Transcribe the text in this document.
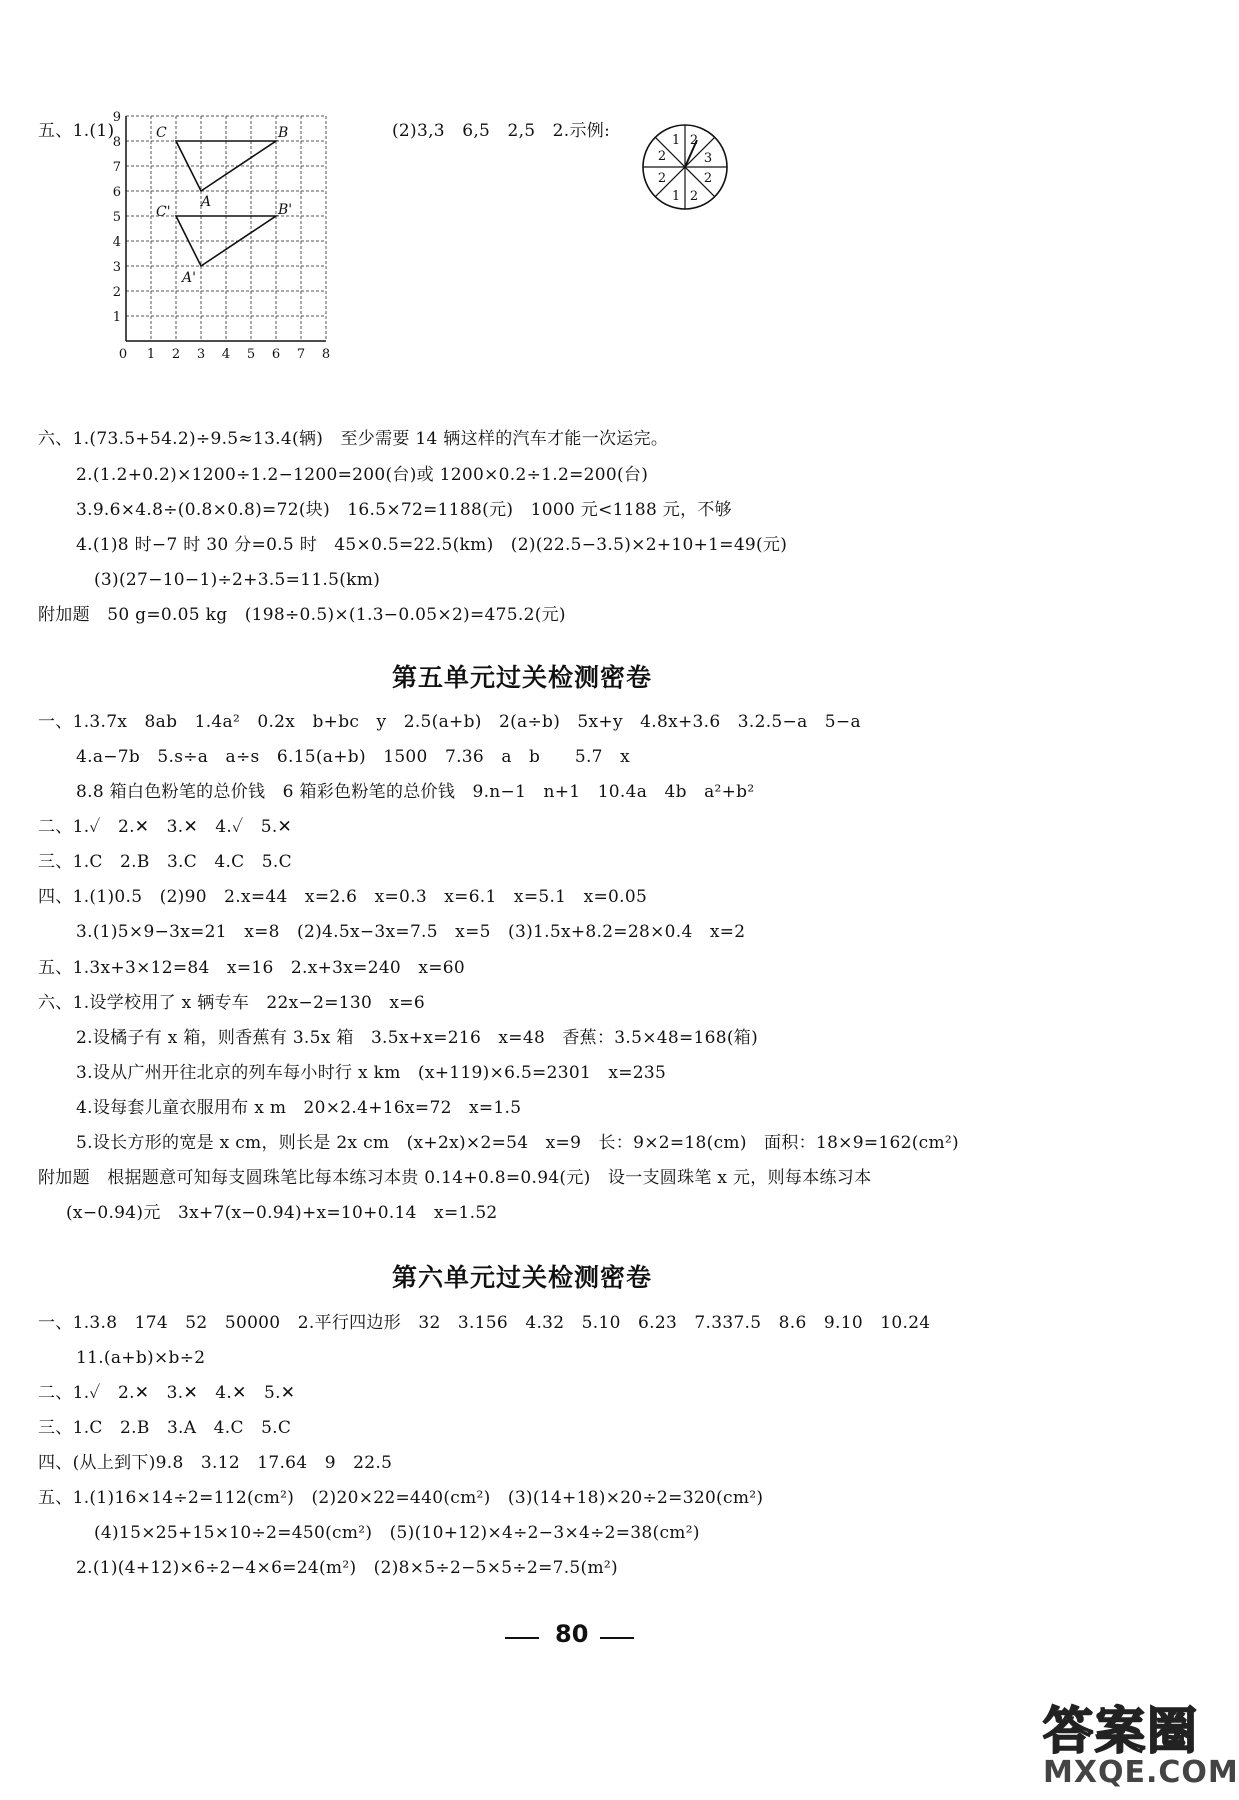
五、1.(1)
9
8
7
6
5
4
3
2
1
0 1 2 3 4 5 6 7 8
C	B
A
C'	B'
A'
(2)3,3　6,5　2,5　2.示例:	1 2
2	3
2	2
1 2
六、1.(73.5+54.2)÷9.5≈13.4(辆)　至少需要 14 辆这样的汽车才能一次运完。
2.(1.2+0.2)×1200÷1.2−1200=200(台)或 1200×0.2÷1.2=200(台)
3.9.6×4.8÷(0.8×0.8)=72(块)　16.5×72=1188(元)　1000 元<1188 元，不够
4.(1)8 时−7 时 30 分=0.5 时　45×0.5=22.5(km)　(2)(22.5−3.5)×2+10+1=49(元)
(3)(27−10−1)÷2+3.5=11.5(km)
附加题　50 g=0.05 kg　(198÷0.5)×(1.3−0.05×2)=475.2(元)
第五单元过关检测密卷
一、1.3.7x　8ab　1.4a²　0.2x　b+bc　y　2.5(a+b)　2(a÷b)　5x+y　4.8x+3.6　3.2.5−a　5−a
4.a−7b　5.s÷a　a÷s　6.15(a+b)　1500　7.36　a　b　　5.7　x
8.8 箱白色粉笔的总价钱　6 箱彩色粉笔的总价钱　9.n−1　n+1　10.4a　4b　a²+b²
二、1.✓　2.✕　3.✕　4.✓　5.✕
三、1.C　2.B　3.C　4.C　5.C
四、1.(1)0.5　(2)90　2.x=44　x=2.6　x=0.3　x=6.1　x=5.1　x=0.05
3.(1)5×9−3x=21　x=8　(2)4.5x−3x=7.5　x=5　(3)1.5x+8.2=28×0.4　x=2
五、1.3x+3×12=84　x=16　2.x+3x=240　x=60
六、1.设学校用了 x 辆专车　22x−2=130　x=6
2.设橘子有 x 箱，则香蕉有 3.5x 箱　3.5x+x=216　x=48　香蕉：3.5×48=168(箱)
3.设从广州开往北京的列车每小时行 x km　(x+119)×6.5=2301　x=235
4.设每套儿童衣服用布 x m　20×2.4+16x=72　x=1.5
5.设长方形的宽是 x cm，则长是 2x cm　(x+2x)×2=54　x=9　长：9×2=18(cm)　面积：18×9=162(cm²)
附加题　根据题意可知每支圆珠笔比每本练习本贵 0.14+0.8=0.94(元)　设一支圆珠笔 x 元，则每本练习本
(x−0.94)元　3x+7(x−0.94)+x=10+0.14　x=1.52
第六单元过关检测密卷
一、1.3.8　174　52　50000　2.平行四边形　32　3.156　4.32　5.10　6.23　7.337.5　8.6　9.10　10.24
11.(a+b)×b÷2
二、1.✓　2.✕　3.✕　4.✕　5.✕
三、1.C　2.B　3.A　4.C　5.C
四、(从上到下)9.8　3.12　17.64　9　22.5
五、1.(1)16×14÷2=112(cm²)　(2)20×22=440(cm²)　(3)(14+18)×20÷2=320(cm²)
(4)15×25+15×10÷2=450(cm²)　(5)(10+12)×4÷2−3×4÷2=38(cm²)
2.(1)(4+12)×6÷2−4×6=24(m²)　(2)8×5÷2−5×5÷2=7.5(m²)
80
答案圈
MXQE.COM
